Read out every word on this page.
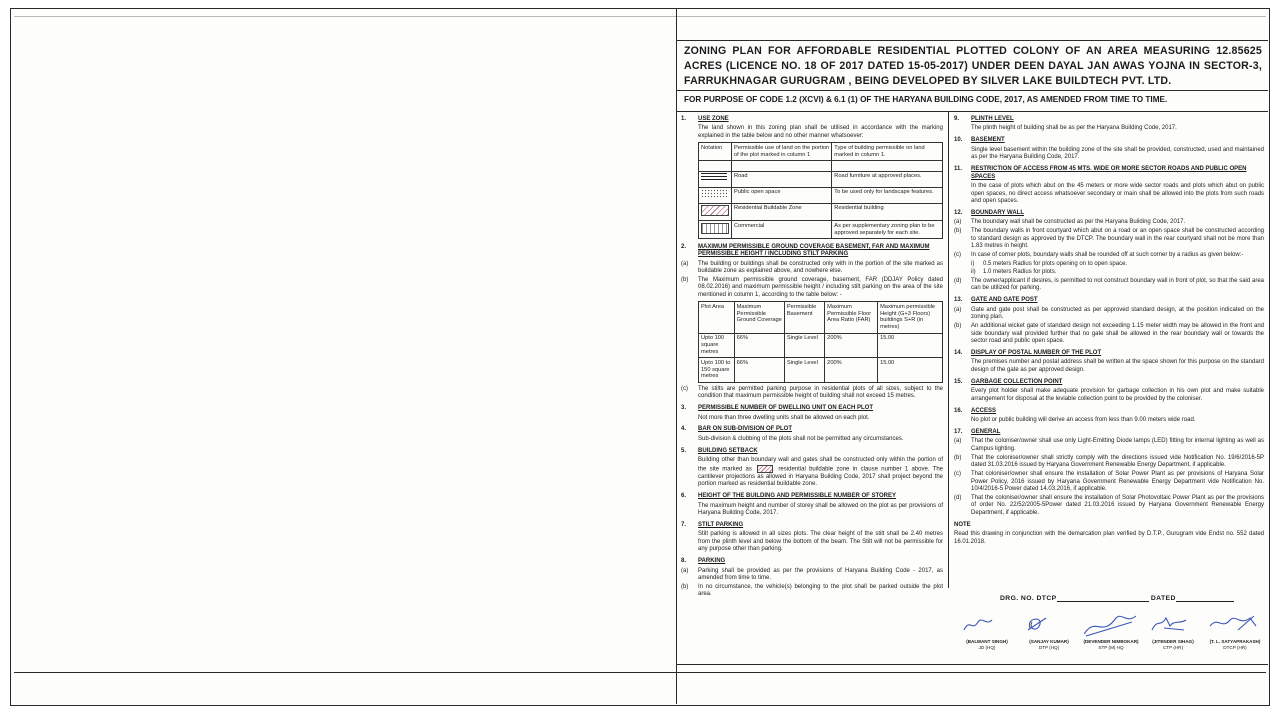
ZONING PLAN FOR AFFORDABLE RESIDENTIAL PLOTTED COLONY OF AN AREA MEASURING 12.85625 ACRES (LICENCE NO. 18 OF 2017 DATED 15-05-2017) UNDER DEEN DAYAL JAN AWAS YOJNA IN SECTOR-3, FARRUKHNAGAR GURUGRAM , BEING DEVELOPED BY SILVER LAKE BUILDTECH PVT. LTD.
FOR PURPOSE OF CODE 1.2 (XCVI) & 6.1 (1) OF THE HARYANA BUILDING CODE, 2017, AS AMENDED FROM TIME TO TIME.
1.	USE ZONE
The land shown in this zoning plan shall be utilised in accordance with the marking explained in the table below and no other manner whatsoever:
Notation	Permissible use of land on the portion of the plot marked in column 1	Type of building permissible on land marked in column 1.

	Road	Road furniture at approved places.
	Public open space	To be used only for landscape features.
	Residential Buildable Zone	Residential building
	Commercial	As per supplementary zoning plan to be approved separately for each site.
2.	MAXIMUM PERMISSIBLE GROUND COVERAGE BASEMENT, FAR AND MAXIMUM PERMISSIBLE HEIGHT / INCLUDING STILT PARKING
(a)	The building or buildings shall be constructed only with in the portion of the site marked as buildable zone as explained above, and nowhere else.
(b)	The Maximum permissible ground coverage, basement, FAR (DDJAY Policy dated 08.02.2016) and maximum permissible height / including stilt parking on the area of the site mentioned in column 1, according to the table below: -
Plot Area	Maximum Permissible Ground Coverage	Permissible Basement	Maximum Permissible Floor Area Ratio (FAR)	Maximum permissible Height (G+3 Floors) buildings S+R (in metres)
Upto 100 square metres	66%	Single Level	200%	15.00
Upto 100 to 150 square metres	66%	Single Level	200%	15.00
(c)	The stilts are permitted parking purpose in residential plots of all sizes, subject to the condition that maximum permissible height of building shall not exceed 15 metres.
3.	PERMISSIBLE NUMBER OF DWELLING UNIT ON EACH PLOT
Not more than three dwelling units shall be allowed on each plot.
4.	BAR ON SUB-DIVISION OF PLOT
Sub-division & clubbing of the plots shall not be permitted any circumstances.
5.	BUILDING SETBACK
Building other than boundary wall and gates shall be constructed only within the portion of the site marked as	residential buildable zone in clause number 1 above. The cantilever projections as allowed in Haryana Building Code, 2017 shall project beyond the portion marked as residential buildable zone.
6.	HEIGHT OF THE BUILDING AND PERMISSIBLE NUMBER OF STOREY
The maximum height and number of storey shall be allowed on the plot as per provisions of Haryana Building Code, 2017.
7.	STILT PARKING
Stilt parking is allowed in all sizes plots. The clear height of the stilt shall be 2.40 metres from the plinth level and below the bottom of the beam. The Stilt will not be permissible for any purpose other than parking.
8.	PARKING
(a)	Parking shall be provided as per the provisions of Haryana Building Code - 2017, as amended from time to time.
(b)	In no circumstance, the vehicle(s) belonging to the plot shall be parked outside the plot area.
9.	PLINTH LEVEL
The plinth height of building shall be as per the Haryana Building Code, 2017.
10.	BASEMENT
Single level basement within the building zone of the site shall be provided, constructed, used and maintained as per the Haryana Building Code, 2017.
11.	RESTRICTION OF ACCESS FROM 45 MTS. WIDE OR MORE SECTOR ROADS AND PUBLIC OPEN SPACES
In the case of plots which abut on the 45 meters or more wide sector roads and plots which abut on public open spaces, no direct access whatsoever secondary or main shall be allowed into the plots from such roads and open spaces.
12.	BOUNDARY WALL
(a)	The boundary wall shall be constructed as per the Haryana Building Code, 2017.
(b)	The boundary walls in front courtyard which abut on a road or an open space shall be constructed according to standard design as approved by the DTCP. The boundary wall in the rear courtyard shall not be more than 1.83 metres in height.
(c)	In case of corner plots, boundary walls shall be rounded off at such corner by a radius as given below:-
i)	0.5 meters Radius for plots opening on to open space.
ii)	1.0 meters Radius for plots.
(d)	The owner/applicant if desires, is permitted to not construct boundary wall in front of plot, so that the said area can be utilized for parking.
13.	GATE AND GATE POST
(a)	Gate and gate post shall be constructed as per approved standard design, at the position indicated on the zoning plan.
(b)	An additional wicket gate of standard design not exceeding 1.15 meter width may be allowed in the front and side boundary wall provided further that no gate shall be allowed in the rear boundary wall or towards the sector road and public open space.
14.	DISPLAY OF POSTAL NUMBER OF THE PLOT
The premises number and postal address shall be written at the space shown for this purpose on the standard design of the gate as per approved design.
15.	GARBAGE COLLECTION POINT
Every plot holder shall make adequate provision for garbage collection in his own plot and make suitable arrangement for disposal at the leviable collection point to be provided by the coloniser.
16.	ACCESS
No plot or public building will derive an access from less than 9.00 meters wide road.
17.	GENERAL
(a)	That the coloniser/owner shall use only Light-Emitting Diode lamps (LED) fitting for internal lighting as well as Campus lighting.
(b)	That the coloniser/owner shall strictly comply with the directions issued vide Notification No. 19/6/2016-5P dated 31.03.2016 issued by Haryana Government Renewable Energy Department, if applicable.
(c)	That coloniser/owner shall ensure the installation of Solar Power Plant as per provisions of Haryana Solar Power Policy, 2016 issued by Haryana Government Renewable Energy Department vide Notification No. 10/4/2016-5 Power dated 14.03.2016, if applicable.
(d)	That the coloniser/owner shall ensure the installation of Solar Photovoltaic Power Plant as per the provisions of order No. 22/52/2005-5Power dated 21.03.2016 issued by Haryana Government Renewable Energy Department, if applicable.
NOTE
Read this drawing in conjunction with the demarcation plan verified by D.T.P., Gurugram vide Endst no. 552 dated 16.01.2018.
DRG. NO. DTCP	DATED
(BALWANT SINGH)
JD (HQ)
(SANJAY KUMAR)
DTP (HQ)
(DEVENDER NIMBOKAR)
STP (M) HQ
(JITENDER SIHAG)
CTP (HR)
(T. L. SATYAPRAKASH)
DTCP (HR)
